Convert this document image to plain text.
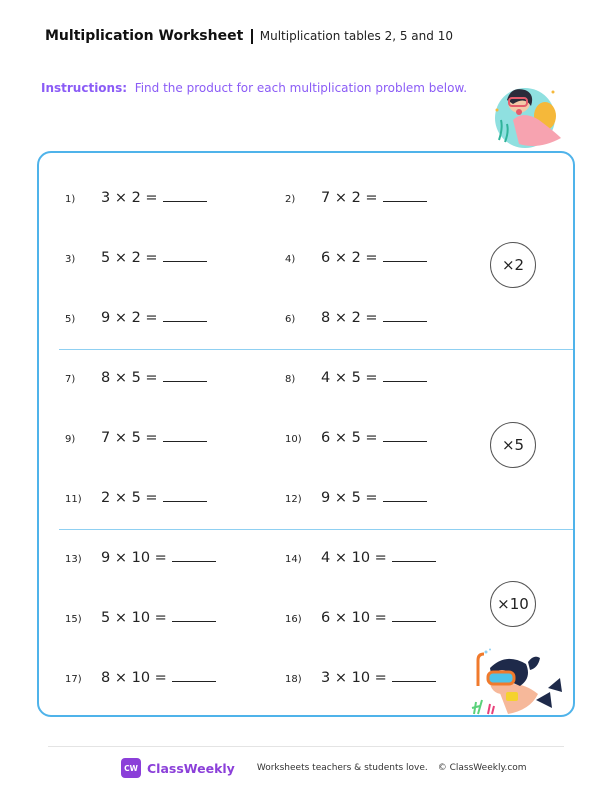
Multiplication Worksheet Multiplication tables 2, 5 and 10
Instructions: Find the product for each multiplication problem below.
1)	3 × 2 =	2)	7 × 2 =
3)	5 × 2 =	4)	6 × 2 =
5)	9 × 2 =	6)	8 × 2 =
×2
7)	8 × 5 =	8)	4 × 5 =
9)	7 × 5 =	10)	6 × 5 =
11)	2 × 5 =	12)	9 × 5 =
×5
13)	9 × 10 =	14)	4 × 10 =
15)	5 × 10 =	16)	6 × 10 =
17)	8 × 10 =	18)	3 × 10 =
×10
CW ClassWeekly Worksheets teachers & students love. © ClassWeekly.com
